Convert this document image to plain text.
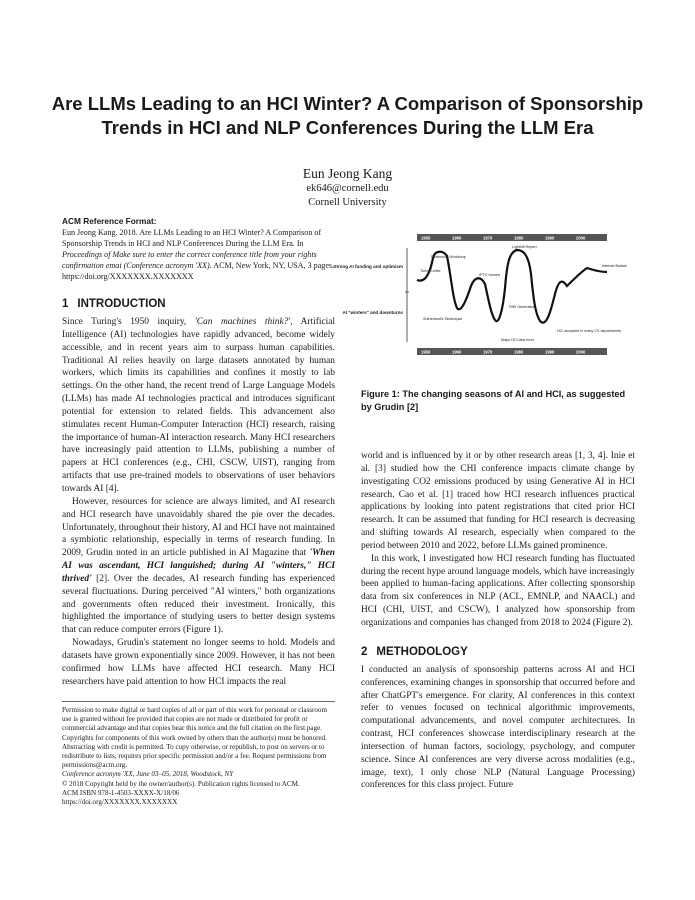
Are LLMs Leading to an HCI Winter? A Comparison of Sponsorship Trends in HCI and NLP Conferences During the LLM Era
Eun Jeong Kang
ek646@cornell.edu
Cornell University
ACM Reference Format:
Eun Jeong Kang. 2018. Are LLMs Leading to an HCI Winter? A Comparison of Sponsorship Trends in HCI and NLP Conferences During the LLM Era. In Proceedings of Make sure to enter the correct conference title from your rights confirmation emai (Conference acronym 'XX). ACM, New York, NY, USA, 3 pages. https://doi.org/XXXXXXX.XXXXXXX
1 INTRODUCTION

Since Turing's 1950 inquiry, 'Can machines think?', Artificial Intelligence (AI) technologies have rapidly advanced, become widely accessible, and in recent years aim to surpass human capabilities. Traditional AI relies heavily on large datasets annotated by human workers, which limits its capabilities and confines it mostly to lab settings. On the other hand, the recent trend of Large Language Models (LLMs) has made AI technologies practical and introduces significant potential for extension to related fields. This advancement also stimulates recent Human-Computer Interaction (HCI) research, raising the importance of human-AI interaction research. Many HCI researchers have increasingly paid attention to LLMs, publishing a number of papers at HCI conferences (e.g., CHI, CSCW, UIST), ranging from artifacts that use pre-trained models to observations of user behaviors towards AI [4].

However, resources for science are always limited, and AI research and HCI research have unavoidably shared the pie over the decades. Unfortunately, throughout their history, AI and HCI have not maintained a symbiotic relationship, especially in terms of research funding. In 2009, Grudin noted in an article published in AI Magazine that 'When AI was ascendant, HCI languished; during AI "winters," HCI thrived' [2]. Over the decades, AI research funding has experienced several fluctuations. During perceived "AI winters," both organizations and governments often reduced their investment. Ironically, this highlighted the importance of studying users to better design systems that can reduce computer errors (Figure 1).

Nowadays, Grudin's statement no longer seems to hold. Models and datasets have grown exponentially since 2009. However, it has not been confirmed how LLMs have affected HCI research. Many HCI researchers have paid attention to how HCI impacts the real

Permission to make digital or hard copies of all or part of this work for personal or classroom use is granted without fee provided that copies are not made or distributed for profit or commercial advantage and that copies bear this notice and the full citation on the first page. Copyrights for components of this work owned by others than the author(s) must be honored. Abstracting with credit is permitted. To copy otherwise, or republish, to post on servers or to redistribute to lists, requires prior specific permission and/or a fee. Request permissions from permissions@acm.org.

Conference acronym 'XX, June 03–05, 2018, Woodstock, NY

© 2018 Copyright held by the owner/author(s). Publication rights licensed to ACM.

ACM ISBN 978-1-4503-XXXX-X/18/06

https://doi.org/XXXXXXX.XXXXXXX

1950	1960	1970	1980	1990	2000
1950	1960	1970	1980	1990	2000
Strong AI funding and optimism
AI "winters" and downturns
Turing Letter
Dartmouth Workshop
Lighthill Report
IPTO formed
Fifth Generation
Internet Bubble
Sutherland's Sketchpad
Major HCI labs form
HCI accepted in many CS departments
Figure 1: The changing seasons of AI and HCI, as suggested by Grudin [2]

world and is influenced by it or by other research areas [1, 3, 4]. Inie et al. [3] studied how the CHI conference impacts climate change by investigating CO2 emissions produced by using Generative AI in HCI research. Cao et al. [1] traced how HCI research influences practical applications by looking into patent registrations that cited prior HCI research. It can be assumed that funding for HCI research is decreasing and shifting towards AI research, especially when compared to the period between 2010 and 2022, before LLMs gained prominence.

In this work, I investigated how HCI research funding has fluctuated during the recent hype around language models, which have increasingly been applied to human-facing applications. After collecting sponsorship data from six conferences in NLP (ACL, EMNLP, and NAACL) and HCI (CHI, UIST, and CSCW), I analyzed how sponsorship from organizations and companies has changed from 2018 to 2024 (Figure 2).

2 METHODOLOGY

I conducted an analysis of sponsorship patterns across AI and HCI conferences, examining changes in sponsorship that occurred before and after ChatGPT's emergence. For clarity, AI conferences in this context refer to venues focused on technical algorithmic improvements, computational advancements, and novel computer architectures. In contrast, HCI conferences showcase interdisciplinary research at the intersection of human factors, sociology, psychology, and computer science. Since AI conferences are very diverse across modalities (e.g., image, text), I only chose NLP (Natural Language Processing) conferences for this class project. Future
